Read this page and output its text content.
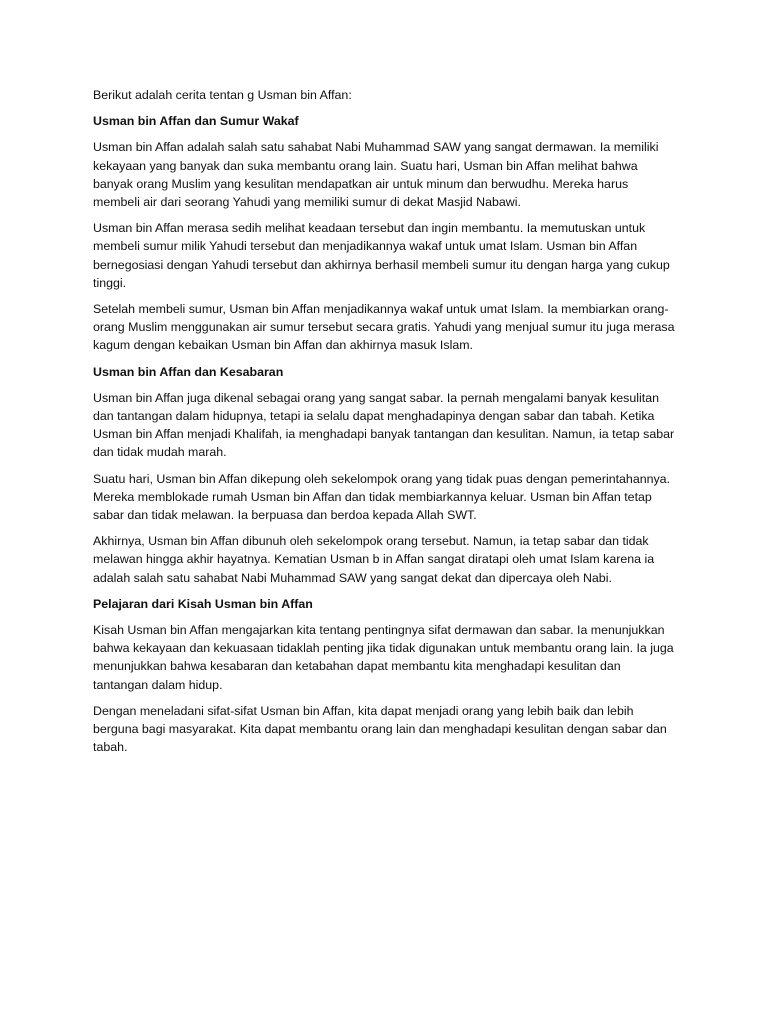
Berikut adalah cerita tentan g Usman bin Affan:

Usman bin Affan dan Sumur Wakaf

Usman bin Affan adalah salah satu sahabat Nabi Muhammad SAW yang sangat dermawan. Ia memiliki kekayaan yang banyak dan suka membantu orang lain. Suatu hari, Usman bin Affan melihat bahwa banyak orang Muslim yang kesulitan mendapatkan air untuk minum dan berwudhu. Mereka harus membeli air dari seorang Yahudi yang memiliki sumur di dekat Masjid Nabawi.

Usman bin Affan merasa sedih melihat keadaan tersebut dan ingin membantu. Ia memutuskan untuk membeli sumur milik Yahudi tersebut dan menjadikannya wakaf untuk umat Islam. Usman bin Affan bernegosiasi dengan Yahudi tersebut dan akhirnya berhasil membeli sumur itu dengan harga yang cukup tinggi.

Setelah membeli sumur, Usman bin Affan menjadikannya wakaf untuk umat Islam. Ia membiarkan orang-orang Muslim menggunakan air sumur tersebut secara gratis. Yahudi yang menjual sumur itu juga merasa kagum dengan kebaikan Usman bin Affan dan akhirnya masuk Islam.

Usman bin Affan dan Kesabaran

Usman bin Affan juga dikenal sebagai orang yang sangat sabar. Ia pernah mengalami banyak kesulitan dan tantangan dalam hidupnya, tetapi ia selalu dapat menghadapinya dengan sabar dan tabah. Ketika Usman bin Affan menjadi Khalifah, ia menghadapi banyak tantangan dan kesulitan. Namun, ia tetap sabar dan tidak mudah marah.

Suatu hari, Usman bin Affan dikepung oleh sekelompok orang yang tidak puas dengan pemerintahannya. Mereka memblokade rumah Usman bin Affan dan tidak membiarkannya keluar. Usman bin Affan tetap sabar dan tidak melawan. Ia berpuasa dan berdoa kepada Allah SWT.

Akhirnya, Usman bin Affan dibunuh oleh sekelompok orang tersebut. Namun, ia tetap sabar dan tidak melawan hingga akhir hayatnya. Kematian Usman b in Affan sangat diratapi oleh umat Islam karena ia adalah salah satu sahabat Nabi Muhammad SAW yang sangat dekat dan dipercaya oleh Nabi.

Pelajaran dari Kisah Usman bin Affan

Kisah Usman bin Affan mengajarkan kita tentang pentingnya sifat dermawan dan sabar. Ia menunjukkan bahwa kekayaan dan kekuasaan tidaklah penting jika tidak digunakan untuk membantu orang lain. Ia juga menunjukkan bahwa kesabaran dan ketabahan dapat membantu kita menghadapi kesulitan dan tantangan dalam hidup.

Dengan meneladani sifat-sifat Usman bin Affan, kita dapat menjadi orang yang lebih baik dan lebih berguna bagi masyarakat. Kita dapat membantu orang lain dan menghadapi kesulitan dengan sabar dan tabah.
